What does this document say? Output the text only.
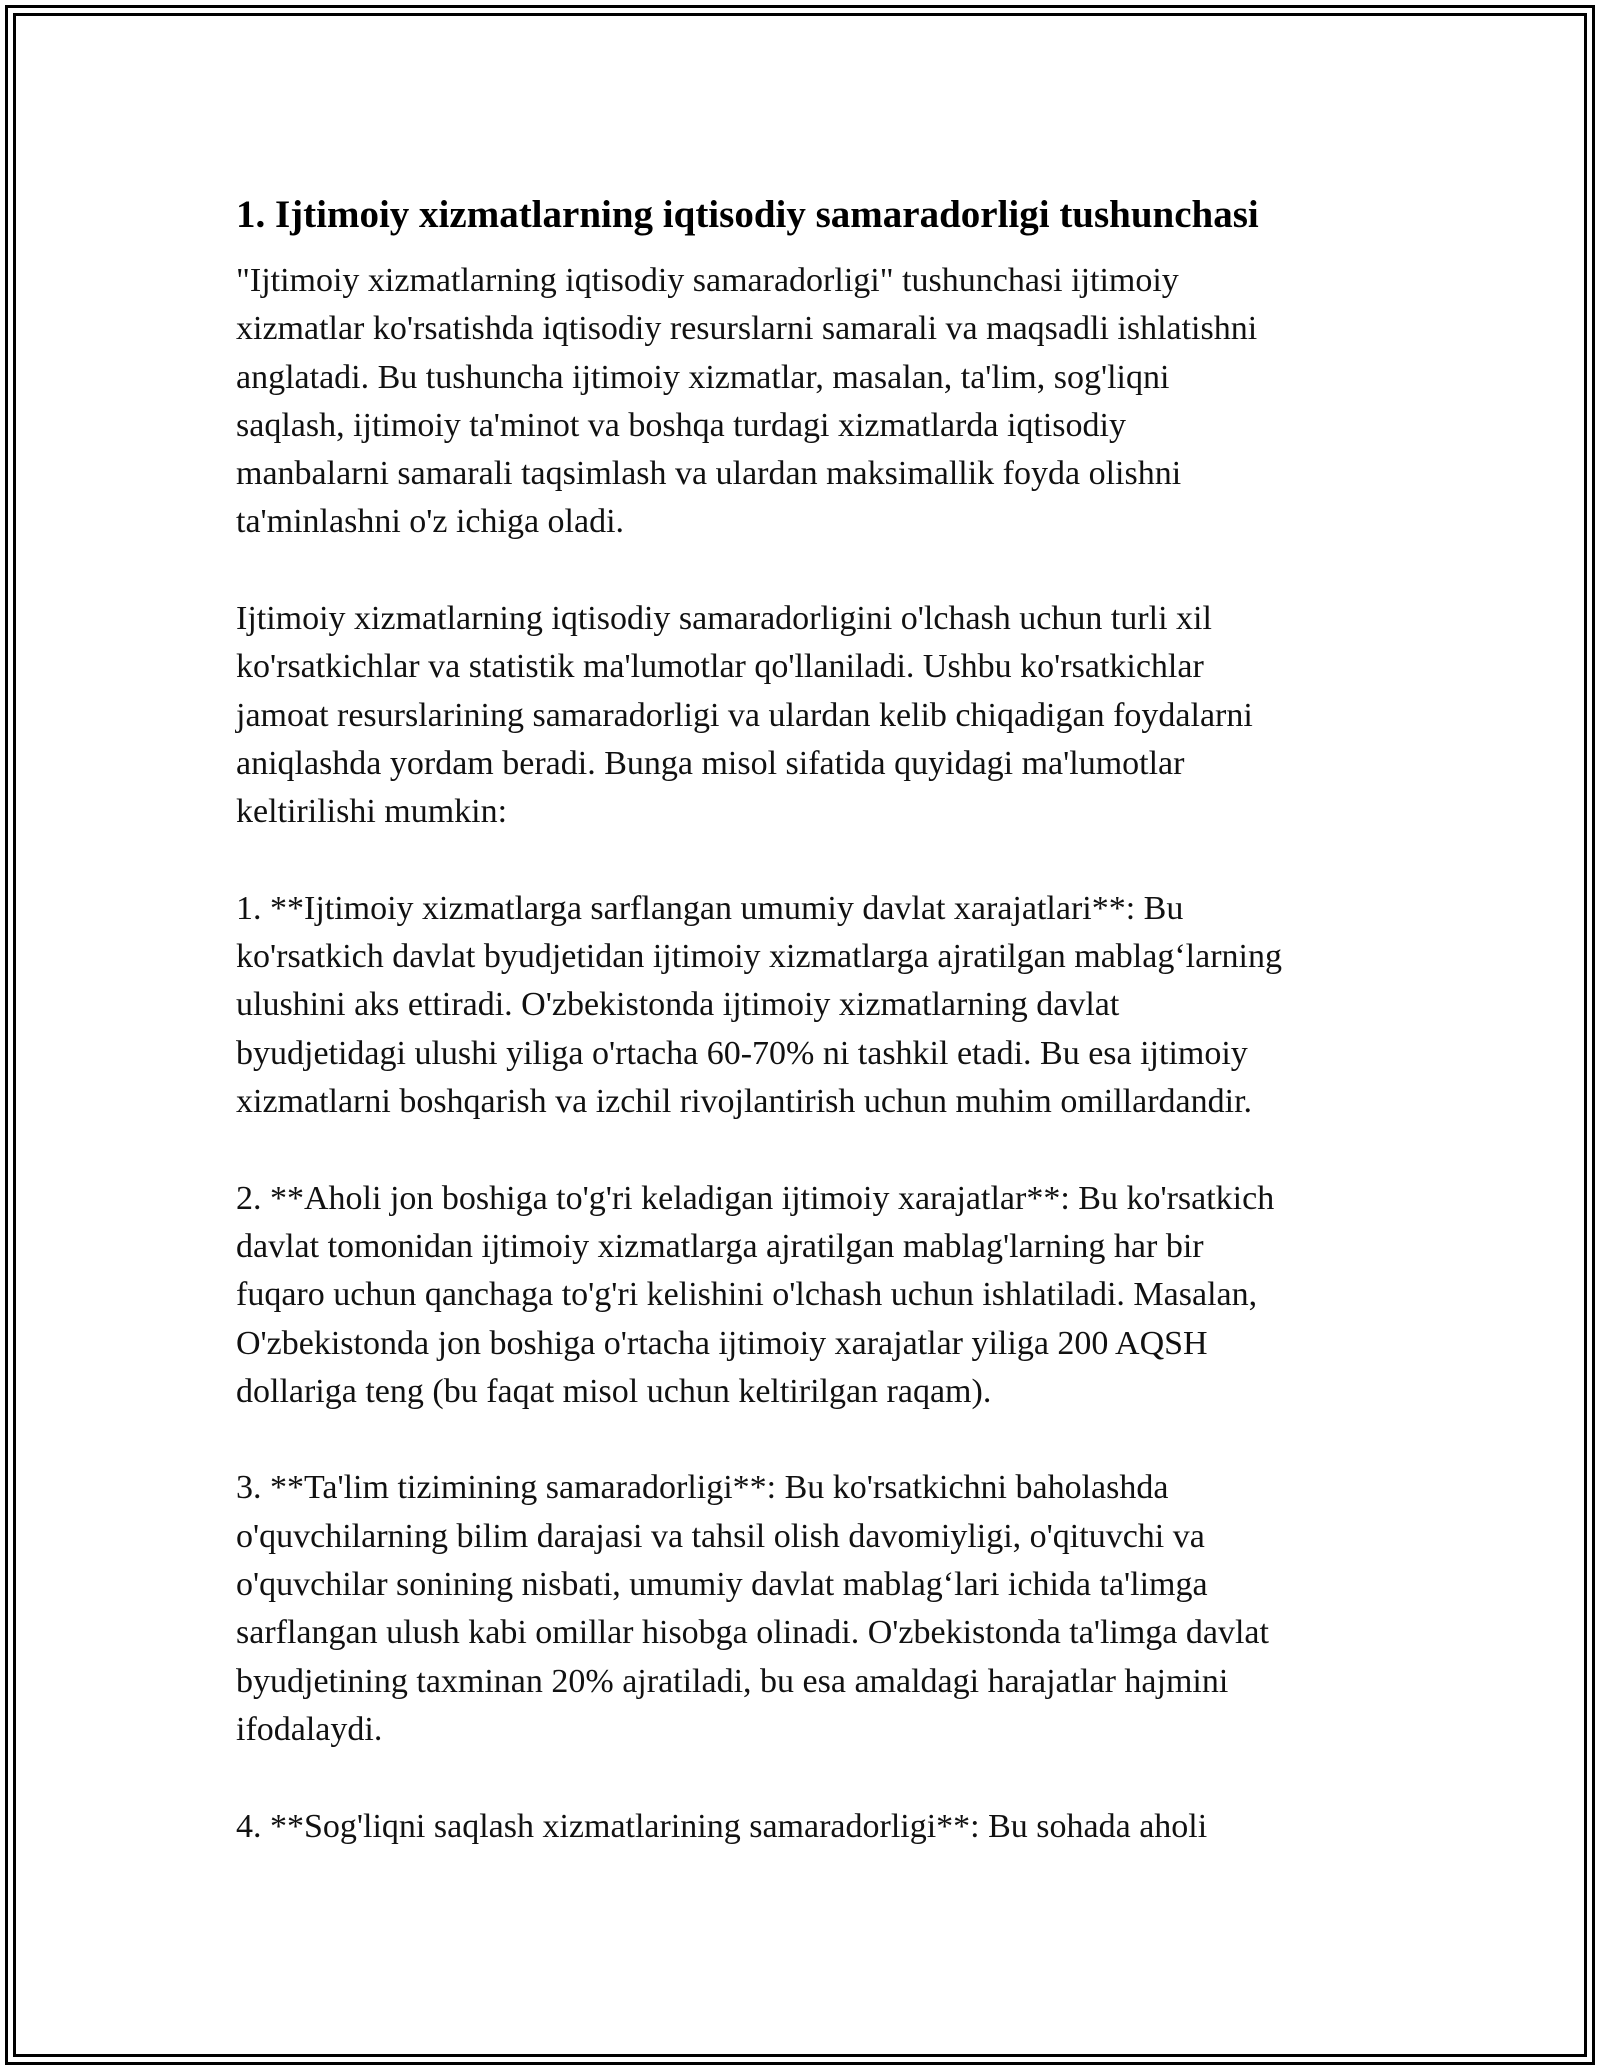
1. Ijtimoiy xizmatlarning iqtisodiy samaradorligi tushunchasi

"Ijtimoiy xizmatlarning iqtisodiy samaradorligi" tushunchasi ijtimoiy
xizmatlar ko'rsatishda iqtisodiy resurslarni samarali va maqsadli ishlatishni
anglatadi. Bu tushuncha ijtimoiy xizmatlar, masalan, ta'lim, sog'liqni
saqlash, ijtimoiy ta'minot va boshqa turdagi xizmatlarda iqtisodiy
manbalarni samarali taqsimlash va ulardan maksimallik foyda olishni
ta'minlashni o'z ichiga oladi.

Ijtimoiy xizmatlarning iqtisodiy samaradorligini o'lchash uchun turli xil
ko'rsatkichlar va statistik ma'lumotlar qo'llaniladi. Ushbu ko'rsatkichlar
jamoat resurslarining samaradorligi va ulardan kelib chiqadigan foydalarni
aniqlashda yordam beradi. Bunga misol sifatida quyidagi ma'lumotlar
keltirilishi mumkin:

1. **Ijtimoiy xizmatlarga sarflangan umumiy davlat xarajatlari**: Bu
ko'rsatkich davlat byudjetidan ijtimoiy xizmatlarga ajratilgan mablag‘larning
ulushini aks ettiradi. O'zbekistonda ijtimoiy xizmatlarning davlat
byudjetidagi ulushi yiliga o'rtacha 60-70% ni tashkil etadi. Bu esa ijtimoiy
xizmatlarni boshqarish va izchil rivojlantirish uchun muhim omillardandir.

2. **Aholi jon boshiga to'g'ri keladigan ijtimoiy xarajatlar**: Bu ko'rsatkich
davlat tomonidan ijtimoiy xizmatlarga ajratilgan mablag'larning har bir
fuqaro uchun qanchaga to'g'ri kelishini o'lchash uchun ishlatiladi. Masalan,
O'zbekistonda jon boshiga o'rtacha ijtimoiy xarajatlar yiliga 200 AQSH
dollariga teng (bu faqat misol uchun keltirilgan raqam).

3. **Ta'lim tizimining samaradorligi**: Bu ko'rsatkichni baholashda
o'quvchilarning bilim darajasi va tahsil olish davomiyligi, o'qituvchi va
o'quvchilar sonining nisbati, umumiy davlat mablag‘lari ichida ta'limga
sarflangan ulush kabi omillar hisobga olinadi. O'zbekistonda ta'limga davlat
byudjetining taxminan 20% ajratiladi, bu esa amaldagi harajatlar hajmini
ifodalaydi.

4. **Sog'liqni saqlash xizmatlarining samaradorligi**: Bu sohada aholi
